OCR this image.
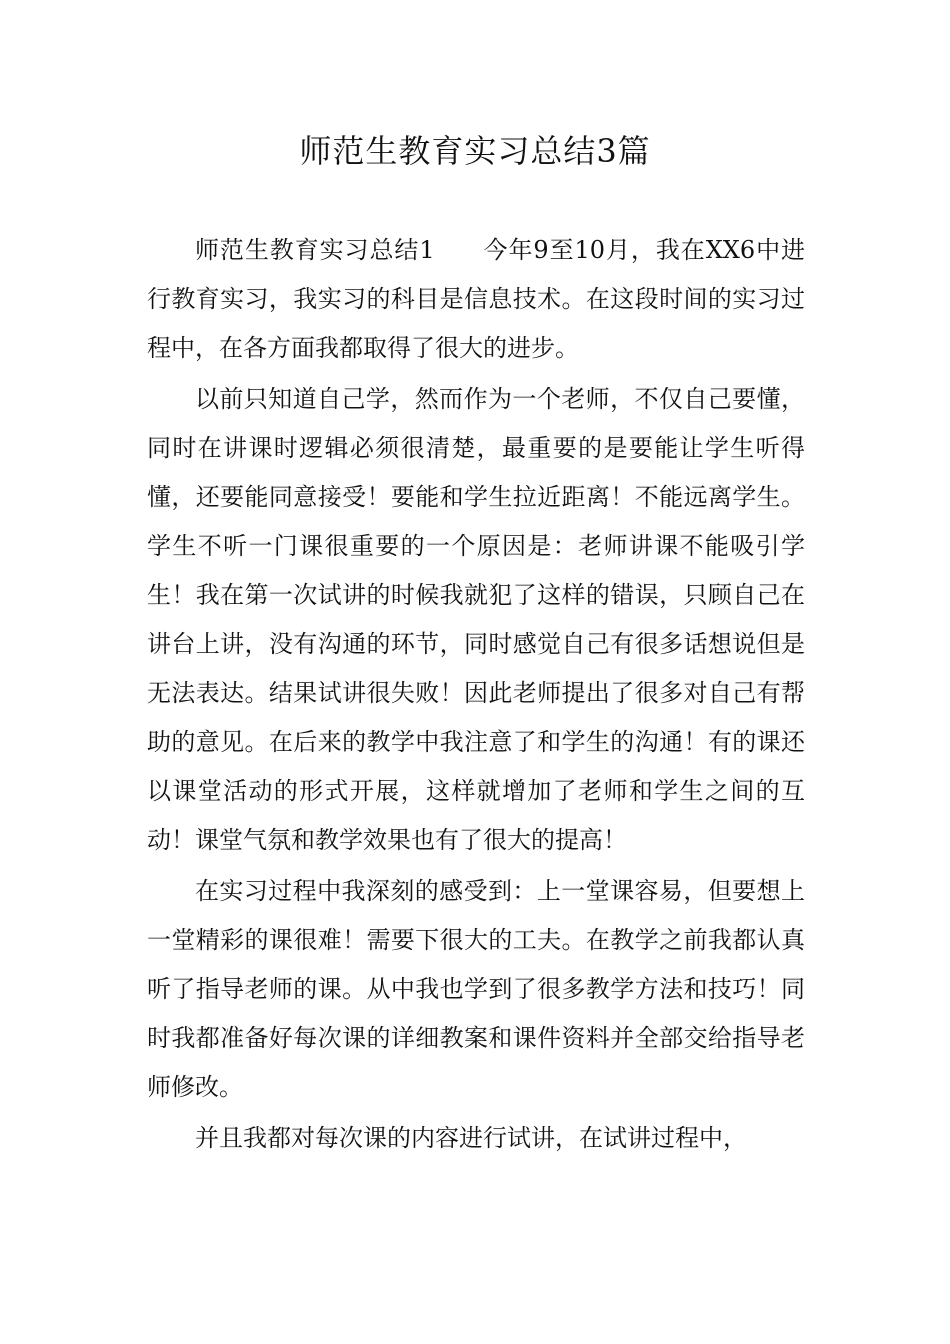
师范生教育实习总结3篇

师范生教育实习总结1 今年9至10月，我在XX6中进行教育实习，我实习的科目是信息技术。在这段时间的实习过程中，在各方面我都取得了很大的进步。

以前只知道自己学，然而作为一个老师，不仅自己要懂，同时在讲课时逻辑必须很清楚，最重要的是要能让学生听得懂，还要能同意接受！要能和学生拉近距离！不能远离学生。学生不听一门课很重要的一个原因是：老师讲课不能吸引学生！我在第一次试讲的时候我就犯了这样的错误，只顾自己在讲台上讲，没有沟通的环节，同时感觉自己有很多话想说但是无法表达。结果试讲很失败！因此老师提出了很多对自己有帮助的意见。在后来的教学中我注意了和学生的沟通！有的课还以课堂活动的形式开展，这样就增加了老师和学生之间的互动！课堂气氛和教学效果也有了很大的提高！

在实习过程中我深刻的感受到：上一堂课容易，但要想上一堂精彩的课很难！需要下很大的工夫。在教学之前我都认真听了指导老师的课。从中我也学到了很多教学方法和技巧！同时我都准备好每次课的详细教案和课件资料并全部交给指导老师修改。

并且我都对每次课的内容进行试讲，在试讲过程中，
